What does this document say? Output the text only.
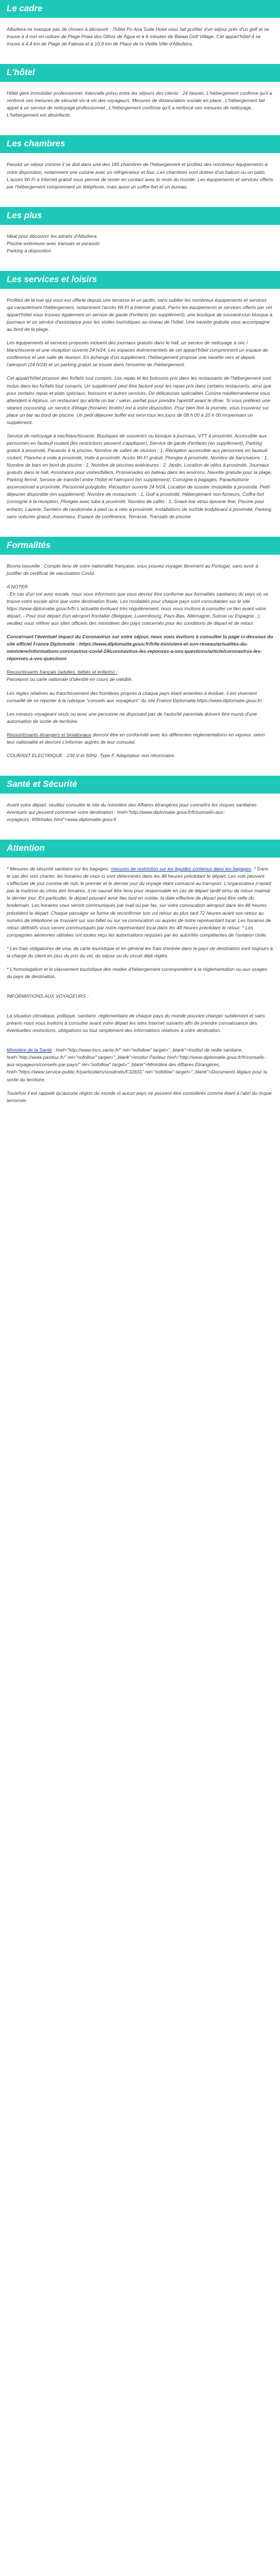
Le cadre

Albufeira ne manque pas de choses à découvrir ; l'hôtel Po Ana Suite Hotel vous fait profiter d'un séjour près d'un golf et se trouve à 4 min en voiture de Plage Praia dos Olhos de Água et à 6 minutes de Balaia Golf Village. Cet appart'hôtel 4 se trouve à 4,4 km de Plage de Falesia et à 10,9 km de Place de la Vieille Ville d'Albufeira.

L'hôtel

Hôtel géré immobilier professionnel. Intervalle prévu entre les séjours des clients : 24 heures. L'hébergement confirme qu'il a renforcé ses mesures de sécurité vis-à-vis des voyageurs. Mesures de distanciation sociale en place.. L'hébergement fait appel à un service de nettoyage professionnel.. L'hébergement confirme qu'il a renforcé ses mesures de nettoyage.. L'hébergement est désinfecté.

Les chambres

Passez un séjour comme il se doit dans une des 185 chambres de l'hébergement et profitez des nombreux équipements à votre disposition, notamment une cuisine avec un réfrigérateur et four. Les chambres sont dotées d'un balcon ou un patio. L'accès Wi-Fi à Internet gratuit vous permet de rester en contact avec le reste du monde. Les équipements et services offerts par l'hébergement comprennent un téléphone, mais aussi un coffre-fort et un bureau.

Les plus

Idéal pour découvrir les attraits d'Albufeira
Piscine extérieure avec transats et parasols
Parking à disposition

Les services et loisirs

Profitez de la vue qui vous est offerte depuis une terrasse et un jardin, sans oublier les nombreux équipements et services qui caractérisent l'hébergement, notamment l'accès Wi-Fi à Internet gratuit. Parmi les équipements et services offerts par cet appart'hôtel vous trouvez également un service de garde d'enfants (en supplément), une boutique de souvenirs/un kiosque à journaux et un service d'assistance pour les visites touristiques au niveau de l'hôtel. Une navette gratuite vous accompagne au bord de la plage.

Les équipements et services proposés incluent des journaux gratuits dans le hall, un service de nettoyage à sec / blanchisserie et une réception ouverte 24 h/24. Les espaces événementiels de cet appart'hôtel comprennent un espace de conférence et une salle de réunion. En échange d'un supplément, l'hébergement propose une navette vers et depuis l'aéroport (24 h/24) et un parking gratuit se trouve dans l'enceinte de l'hébergement.

Cet appart'hôtel propose des forfaits tout compris. Les repas et les boissons pris dans les restaurants de l'hébergement sont inclus dans les forfaits tout compris. Un supplément peut être facturé pour les repas pris dans certains restaurants, ainsi que pour certains repas et plats spéciaux, boissons et autres services. De délicieuses spécialités Cuisine méditerranéenne vous attendent à Alpinus, un restaurant qui abrite un bar / salon, parfait pour prendre l'apéritif avant le dîner. Si vous préférez une séance cocooning, un service d'étage (horaires limités) est à votre disposition. Pour bien finir la journée, vous trouverez sur place un bar au bord de piscine. Un petit déjeuner buffet est servi tous les jours de 08 h 00 à 10 h 00 moyennant un supplément.

Service de nettoyage à sec/blanchisserie, Boutiques de souvenirs ou kiosque à journaux, VTT à proximité, Accessible aux personnes en fauteuil roulant (les restrictions peuvent s'appliquer), Service de garde d'enfants (en supplément), Parking gratuit à proximité, Parasols à la piscine, Nombre de salles de réunion : 1, Réception accessible aux personnes en fauteuil roulant, Planche à voile à proximité, Voile à proximité, Accès Wi-Fi gratuit, Plongée à proximité, Nombre de bars/salons : 1, Nombre de bars en bord de piscine : 1, Nombre de piscines extérieures : 2, Jardin, Location de vélos à proximité, Journaux gratuits dans le hall, Assistance pour visites/billets, Promenades en bateau dans les environs, Navette gratuite pour la plage, Parking fermé, Service de transfert entre l'hôtel et l'aéroport (en supplément), Consigne à bagages, Parachutisme ascensionnel à proximité, Personnel polyglotte, Réception ouverte 24 h/24, Location de scooter /motolette à proximité, Petit-déjeuner disponible (en supplément), Nombre de restaurants : 1, Golf à proximité, Hébergement non-fumeurs, Coffre-fort (consigne à la réception, Plongée avec tuba à proximité, Nombre de cafés : 1, Snack-bar et/ou épicerie fine, Piscine pour enfants, Laverie, Sentiers de randonnée à pied ou à vélo à proximité, Installations de surf/de bodyboard à proximité, Parking sans voiturier gratuit, Ascenseur, Espace de conférence, Terrasse, Transats de piscine

Formalités

Bonne nouvelle : Compte tenu de votre nationalité française, vous pouvez voyager librement au Portugal, sans avoir à justifier de certificat de vaccination Covid.

A NOTER
- En cas d'un vol avec escale, nous vous informons que vous devrez être conforme aux formalités sanitaires du pays où se trouve votre escale ainsi que votre destination finale. Les modalités pour chaque pays sont consultables sur le site https://www.diplomatie.gouv.fr/fr/ L'actualité évoluant très régulièrement, nous vous invitons à consulter ce lien avant votre départ. - Pour tout départ d'un aéroport frontalier (Belgique, Luxembourg, Pays-Bas, Allemagne, Suisse ou Espagne...), veuillez vous référer aux sites officiels des ministères des pays concernés pour les conditions de départ et de retour.

Concernant l'éventuel impact du Coronavirus sur votre séjour, nous vous invitons à consulter la page ci-dessous du site officiel France Diplomatie : https://www.diplomatie.gouv.fr/fr/le-ministere-et-son-reseau/actualites-du-ministere/informations-coronavirus-covid-19/coronavirus-les-reponses-a-vos-questions/article/coronavirus-les-reponses-a-vos-questions

Ressortissants français (adultes, bébés et enfants) :
Passeport ou carte nationale d'identité en cours de validité.

Les règles relatives au franchissement des frontières propres à chaque pays étant amenées à évoluer, il est vivement conseillé de se reporter à la rubrique "conseils aux voyageurs" du site France Diplomatie,https://www.diplomatie.gouv.fr/.

Les mineurs voyageant seuls ou avec une personne ne disposant pas de l'autorité parentale doivent être munis d'une autorisation de sortie de territoire.

Ressortissants étrangers et binationaux devront être en conformité avec les différentes réglementations en vigueur, selon leur nationalité et devront s'informer auprès de leur consulat.

COURANT ELECTRIQUE : 230 V et 50Hz. Type F. Adaptateur non nécessaire.

Santé et Sécurité

Avant votre départ, veuillez consulter le site du ministère des Affaires étrangères pour connaître les risques sanitaires éventuels qui peuvent concerner votre destination : href="http://www.diplomatie.gouv.fr/fr/conseils-aux-voyageurs_909/index.html">www.diplomatie.gouv.fr

Attention

* Mesures de sécurité sanitaire sur les bagages: mesures de restriction sur les liquides contenus dans les bagages. * Dans le cas des vols charter, les horaires de ceux-ci sont déterminés dans les 48 heures précédant le départ. Les vols peuvent s'effectuer de jour comme de nuit, le premier et le dernier jour du voyage étant consacré au transport. L'organisateur n'ayant pas la maîtrise du choix des horaires, il ne saurait être tenu pour responsable en cas de départ tardif et/ou de retour matinal le dernier jour. En particulier, le départ pouvant avoir lieu tard en soirée, la date effective de départ peut être celle du lendemain. Les horaires vous seront communiqués par mail ou par fax, sur votre convocation aéroport dans les 48 heures précédent le départ. Chaque passager se forme de reconfirmer son vol retour au plus tard 72 heures avant son retour au numéro de téléphone se trouvant sur son billet ou sur sa convocation ou auprès de notre représentant local. Les horaires de retour définitifs vous seront communiqués par notre représentant local dans les 48 heures précédant le retour. * Les compagnies aériennes utilisées ont toutes reçu les autorisations requises par les autorités compétentes de l'aviation civile.

* Les frais obligatoires de visa, de carte touristique et en général les frais d'entrée dans le pays de destination sont toujours à la charge du client en plus du prix du vol, du séjour ou du circuit déjà réglés.

* L'homologation et le classement touristique des modes d'hébergement correspondent à la réglementation ou aux usages du pays de destination.

INFORMATIONS AUX VOYAGEURS :

La situation climatique, politique, sanitaire, réglementaire de chaque pays du monde pouvant changer subitement et sans préavis nous vous invitons à consulter avant votre départ les sites Internet suivants afin de prendre connaissance des éventuelles restrictions, obligations ou tout simplement des informations relatives à votre destination.

Ministère de la Santé : href="http://www.invs.sante.fr/" rel="nofollow" target="_blank">Institut de veille sanitaire, href="http://www.pasteur.fr/" rel="nofollow" target="_blank">Institut Pasteur href="http://www.diplomatie.gouv.fr/fr/conseils-aux-voyageurs/conseils-par-pays/" rel="nofollow" target="_blank">Ministère des Affaires Étrangères, href="https://www.service-public.fr/particuliers/vosdroits/F32831" rel="nofollow" target="_blank">Documents légaux pour la sortie du territoire.

Toutefois il est rappelé qu'aucune région du monde ni aucun pays ne peuvent être considérés comme étant à l'abri du risque terroriste.
